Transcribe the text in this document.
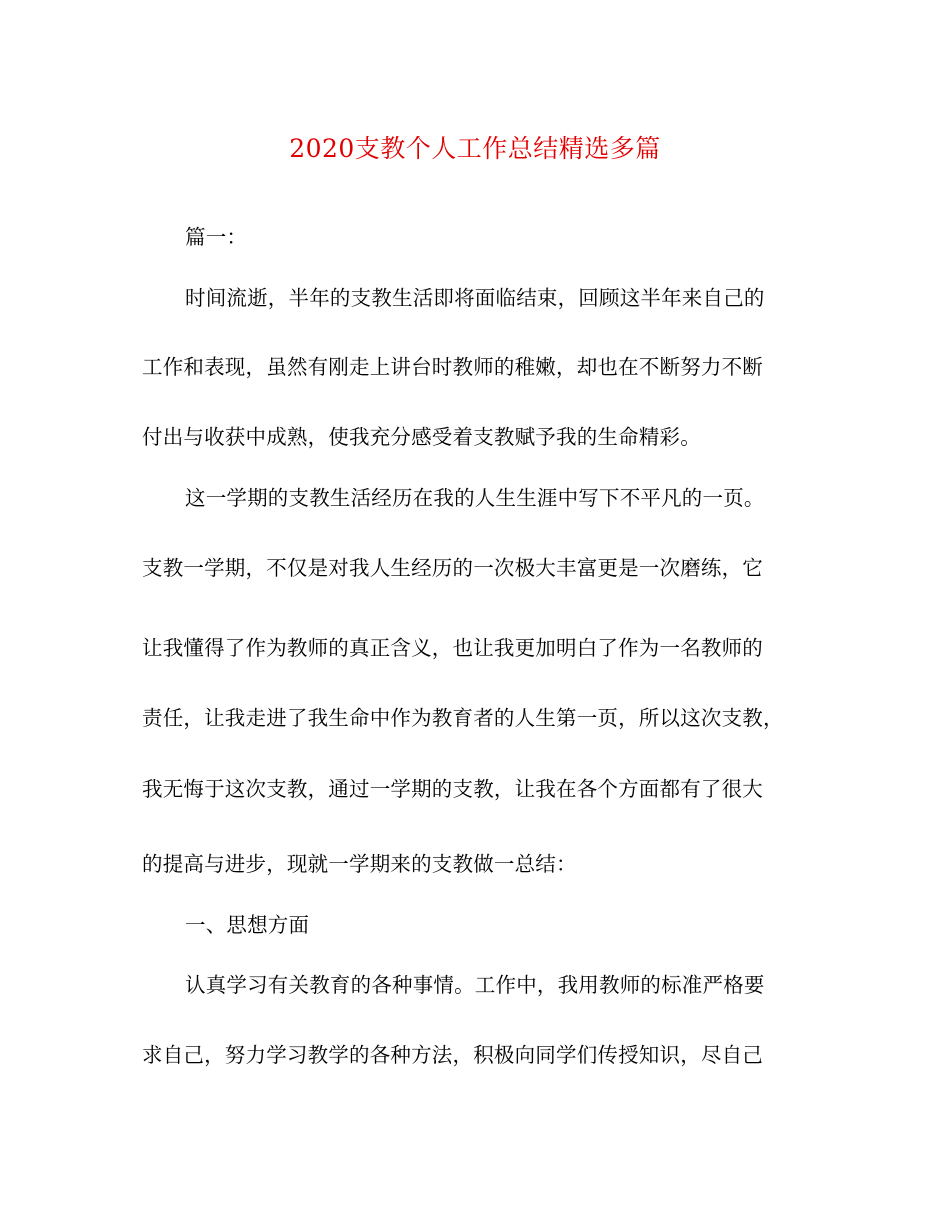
2020支教个人工作总结精选多篇
篇一：
时间流逝，半年的支教生活即将面临结束，回顾这半年来自己的
工作和表现，虽然有刚走上讲台时教师的稚嫩，却也在不断努力不断
付出与收获中成熟，使我充分感受着支教赋予我的生命精彩。
这一学期的支教生活经历在我的人生生涯中写下不平凡的一页。
支教一学期，不仅是对我人生经历的一次极大丰富更是一次磨练，它
让我懂得了作为教师的真正含义，也让我更加明白了作为一名教师的
责任，让我走进了我生命中作为教育者的人生第一页，所以这次支教，
我无悔于这次支教，通过一学期的支教，让我在各个方面都有了很大
的提高与进步，现就一学期来的支教做一总结：
一、思想方面
认真学习有关教育的各种事情。工作中，我用教师的标准严格要
求自己，努力学习教学的各种方法，积极向同学们传授知识，尽自己
